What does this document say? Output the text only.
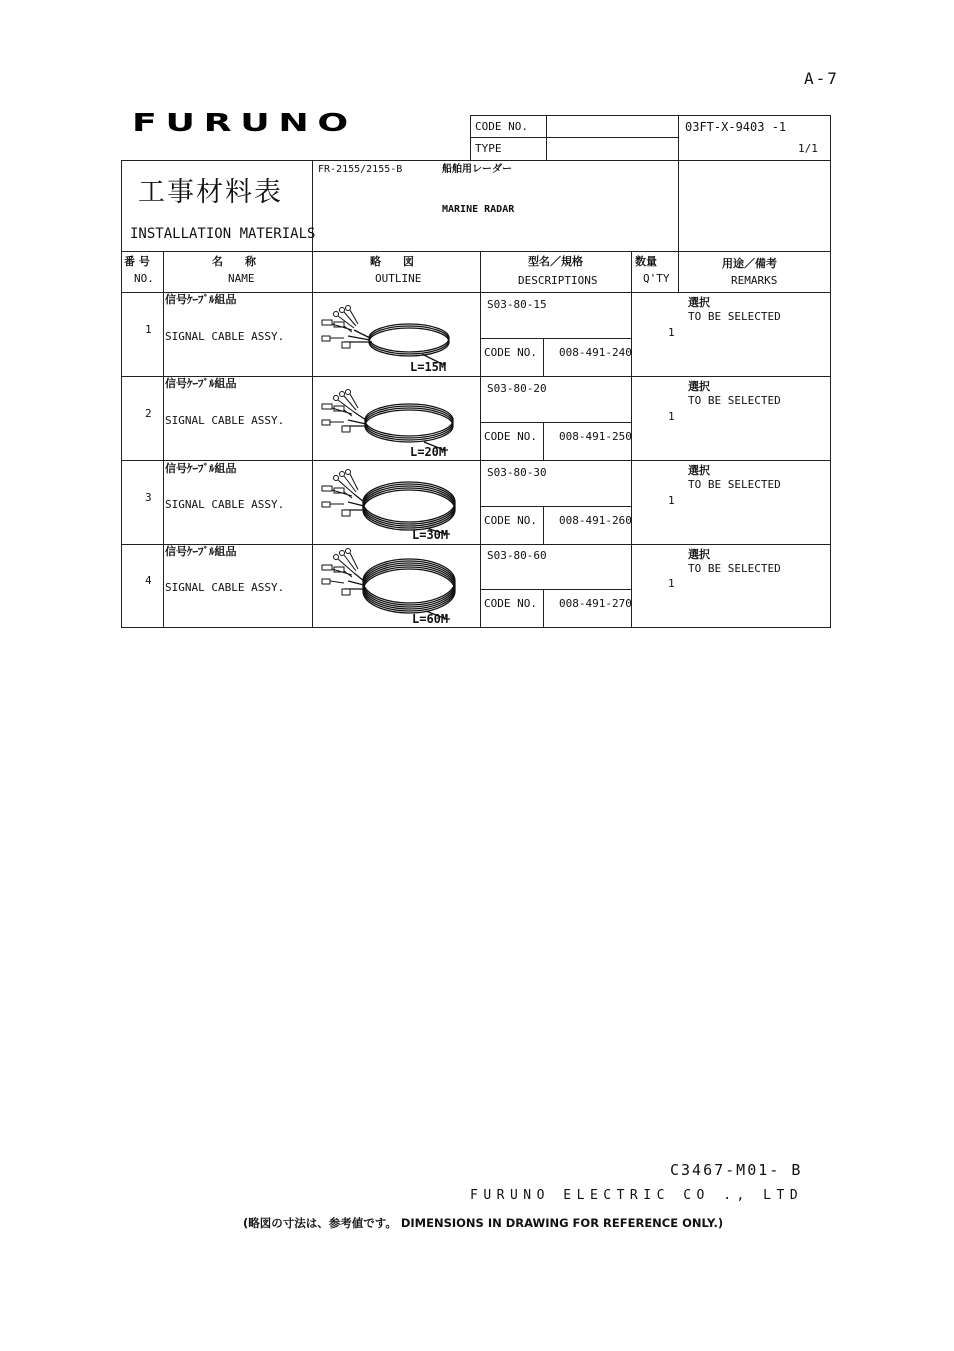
A-7
FURUNO	CODE NO.
TYPE
03FT-X-9403 -1
1/1
工事材料表
INSTALLATION MATERIALS
FR-2155/2155-B	船舶用レーダー
MARINE RADAR
番 号
NO.
名　　称
NAME
略　　図
OUTLINE
型名／規格
DESCRIPTIONS
数量
Q'TY
用途／備考
REMARKS
1
信号ｹｰﾌﾞﾙ組品
SIGNAL CABLE ASSY.
S03-80-15
CODE NO. 008-491-240
1
選択
TO BE SELECTED
L=15M
2
信号ｹｰﾌﾞﾙ組品
SIGNAL CABLE ASSY.
S03-80-20
CODE NO. 008-491-250
1
選択
TO BE SELECTED
L=20M
3
信号ｹｰﾌﾞﾙ組品
SIGNAL CABLE ASSY.
S03-80-30
CODE NO. 008-491-260
1
選択
TO BE SELECTED
L=30M
4
信号ｹｰﾌﾞﾙ組品
SIGNAL CABLE ASSY.
S03-80-60
CODE NO. 008-491-270
1
選択
TO BE SELECTED
L=60M
C3467-M01- B
FURUNO ELECTRIC CO ., LTD
(略図の寸法は、参考値です。 DIMENSIONS IN DRAWING FOR REFERENCE ONLY.)
